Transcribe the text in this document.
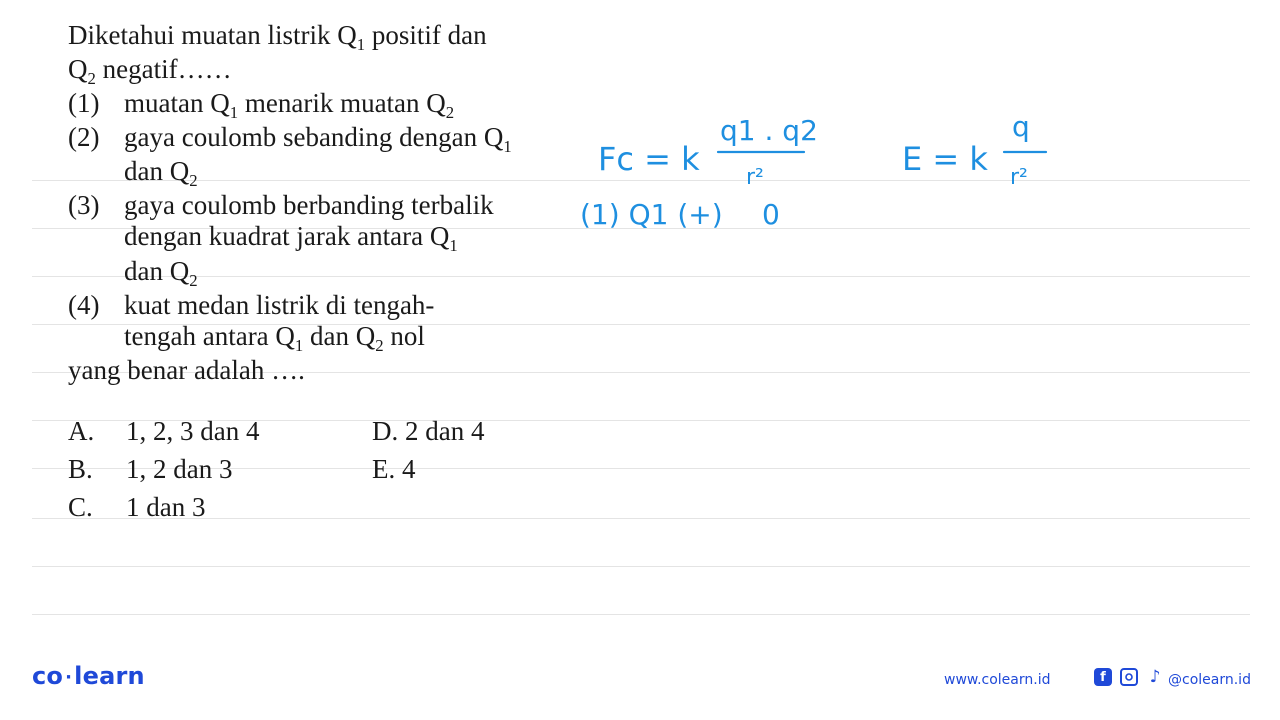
Diketahui muatan listrik $Q_1$ positif dan
$Q_2$ negatif……

(1) muatan $Q_1$ menarik muatan $Q_2$
(2) gaya coulomb sebanding dengan $Q_1$
dan $Q_2$
(3) gaya coulomb berbanding terbalik
dengan kuadrat jarak antara $Q_1$
dan $Q_2$
(4) kuat medan listrik di tengah-
tengah antara $Q_1$ dan $Q_2$ nol

yang benar adalah ….

A. 1, 2, 3 dan 4
B. 1, 2 dan 3
C. 1 dan 3
D. 2 dan 4
E. 4
Fc = k
q1 . q2
r²	E = k
q
r²
(1) Q1 (+) 0
co ·learn	www.colearn.id	f	♪ @colearn.id
